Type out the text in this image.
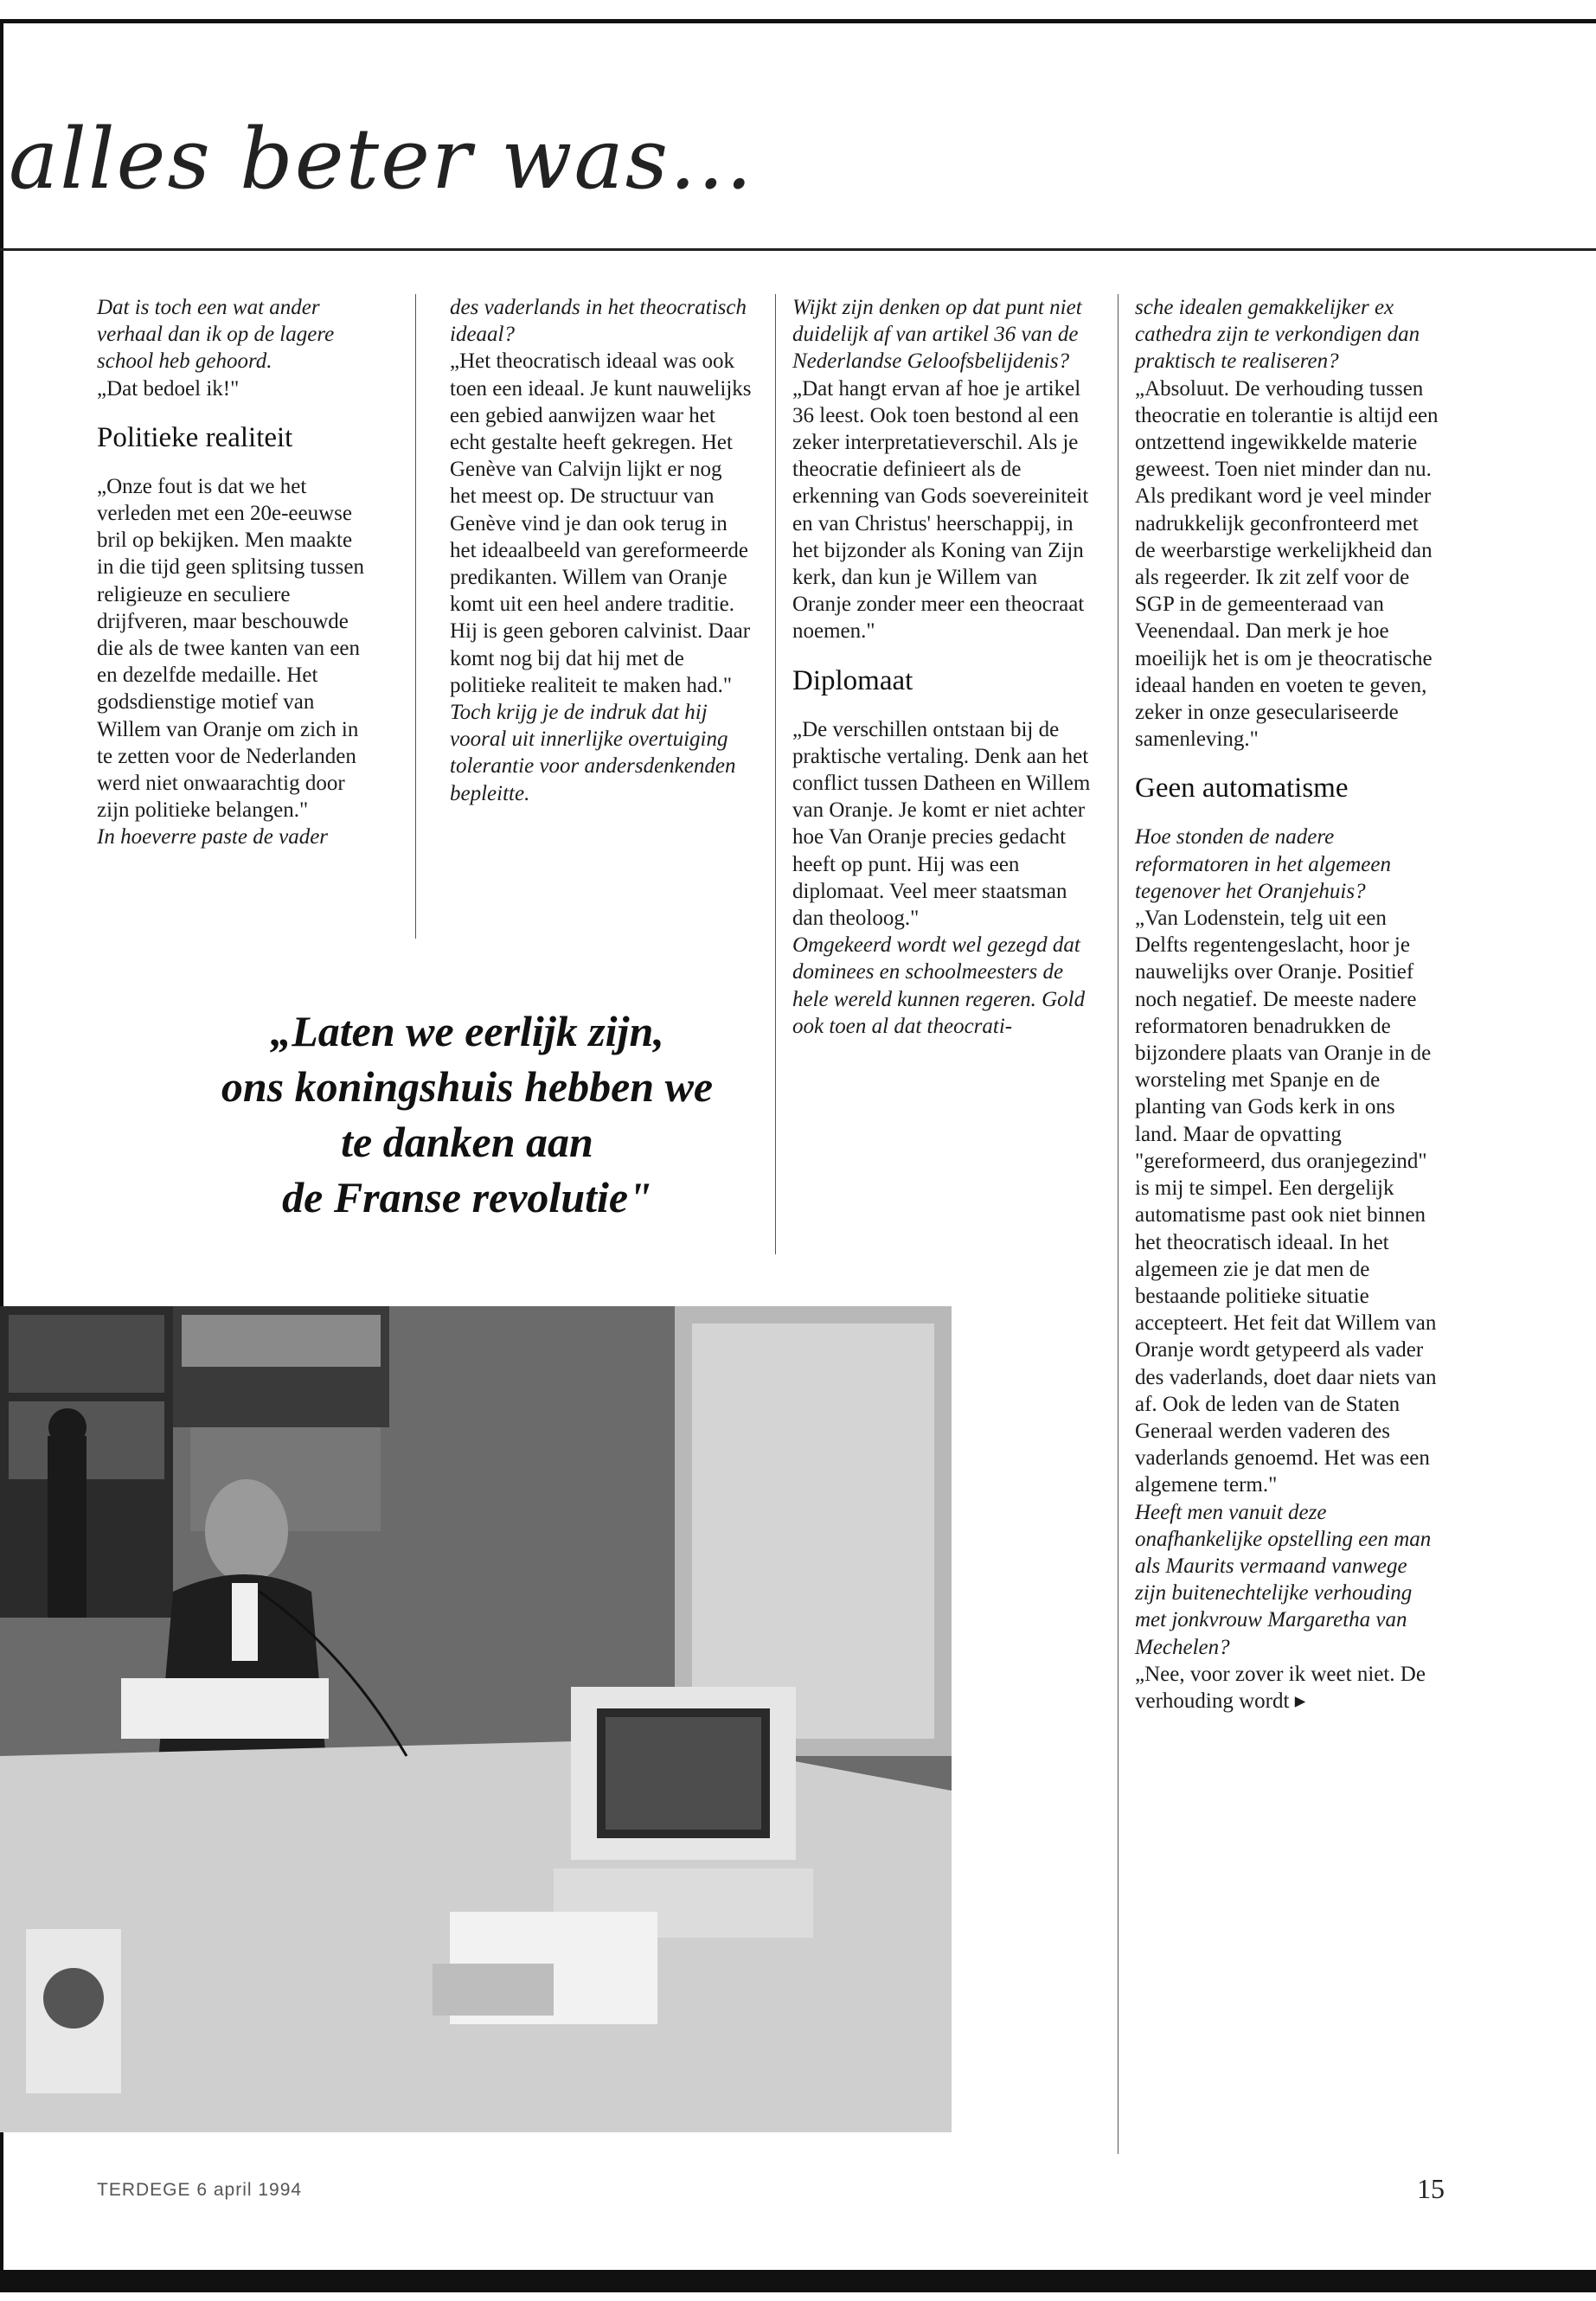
alles beter was...

Dat is toch een wat ander verhaal dan ik op de lagere school heb gehoord.

„Dat bedoel ik!"

Politieke realiteit

„Onze fout is dat we het verleden met een 20e-eeuwse bril op bekijken. Men maakte in die tijd geen splitsing tussen religieuze en seculiere drijfveren, maar beschouwde die als de twee kanten van een en dezelfde medaille. Het godsdienstige motief van Willem van Oranje om zich in te zetten voor de Nederlanden werd niet onwaarachtig door zijn politieke belangen."

In hoeverre paste de vader

des vaderlands in het theocratisch ideaal?

„Het theocratisch ideaal was ook toen een ideaal. Je kunt nauwelijks een gebied aanwijzen waar het echt gestalte heeft gekregen. Het Genève van Calvijn lijkt er nog het meest op. De structuur van Genève vind je dan ook terug in het ideaalbeeld van gereformeerde predikanten. Willem van Oranje komt uit een heel andere traditie. Hij is geen geboren calvinist. Daar komt nog bij dat hij met de politieke realiteit te maken had."

Toch krijg je de indruk dat hij vooral uit innerlijke overtuiging tolerantie voor andersdenkenden bepleitte.

Wijkt zijn denken op dat punt niet duidelijk af van artikel 36 van de Nederlandse Geloofsbelijdenis?

„Dat hangt ervan af hoe je artikel 36 leest. Ook toen bestond al een zeker interpretatieverschil. Als je theocratie definieert als de erkenning van Gods soevereiniteit en van Christus' heerschappij, in het bijzonder als Koning van Zijn kerk, dan kun je Willem van Oranje zonder meer een theocraat noemen."

Diplomaat

„De verschillen ontstaan bij de praktische vertaling. Denk aan het conflict tussen Datheen en Willem van Oranje. Je komt er niet achter hoe Van Oranje precies gedacht heeft op punt. Hij was een diplomaat. Veel meer staatsman dan theoloog."

Omgekeerd wordt wel gezegd dat dominees en schoolmeesters de hele wereld kunnen regeren. Gold ook toen al dat theocrati-

sche idealen gemakkelijker ex cathedra zijn te verkondigen dan praktisch te realiseren?

„Absoluut. De verhouding tussen theocratie en tolerantie is altijd een ontzettend ingewikkelde materie geweest. Toen niet minder dan nu. Als predikant word je veel minder nadrukkelijk geconfronteerd met de weerbarstige werkelijkheid dan als regeerder. Ik zit zelf voor de SGP in de gemeenteraad van Veenendaal. Dan merk je hoe moeilijk het is om je theocratische ideaal handen en voeten te geven, zeker in onze geseculariseerde samenleving."

Geen automatisme

Hoe stonden de nadere reformatoren in het algemeen tegenover het Oranjehuis?

„Van Lodenstein, telg uit een Delfts regentengeslacht, hoor je nauwelijks over Oranje. Positief noch negatief. De meeste nadere reformatoren benadrukken de bijzondere plaats van Oranje in de worsteling met Spanje en de planting van Gods kerk in ons land. Maar de opvatting "gereformeerd, dus oranjegezind" is mij te simpel. Een dergelijk automatisme past ook niet binnen het theocratisch ideaal. In het algemeen zie je dat men de bestaande politieke situatie accepteert. Het feit dat Willem van Oranje wordt getypeerd als vader des vaderlands, doet daar niets van af. Ook de leden van de Staten Generaal werden vaderen des vaderlands genoemd. Het was een algemene term."

Heeft men vanuit deze onafhankelijke opstelling een man als Maurits vermaand vanwege zijn buitenechtelijke verhouding met jonkvrouw Margaretha van Mechelen?

„Nee, voor zover ik weet niet. De verhouding wordt ▸

„Laten we eerlijk zijn,
ons koningshuis hebben we
te danken aan
de Franse revolutie"
TERDEGE 6 april 1994	15
